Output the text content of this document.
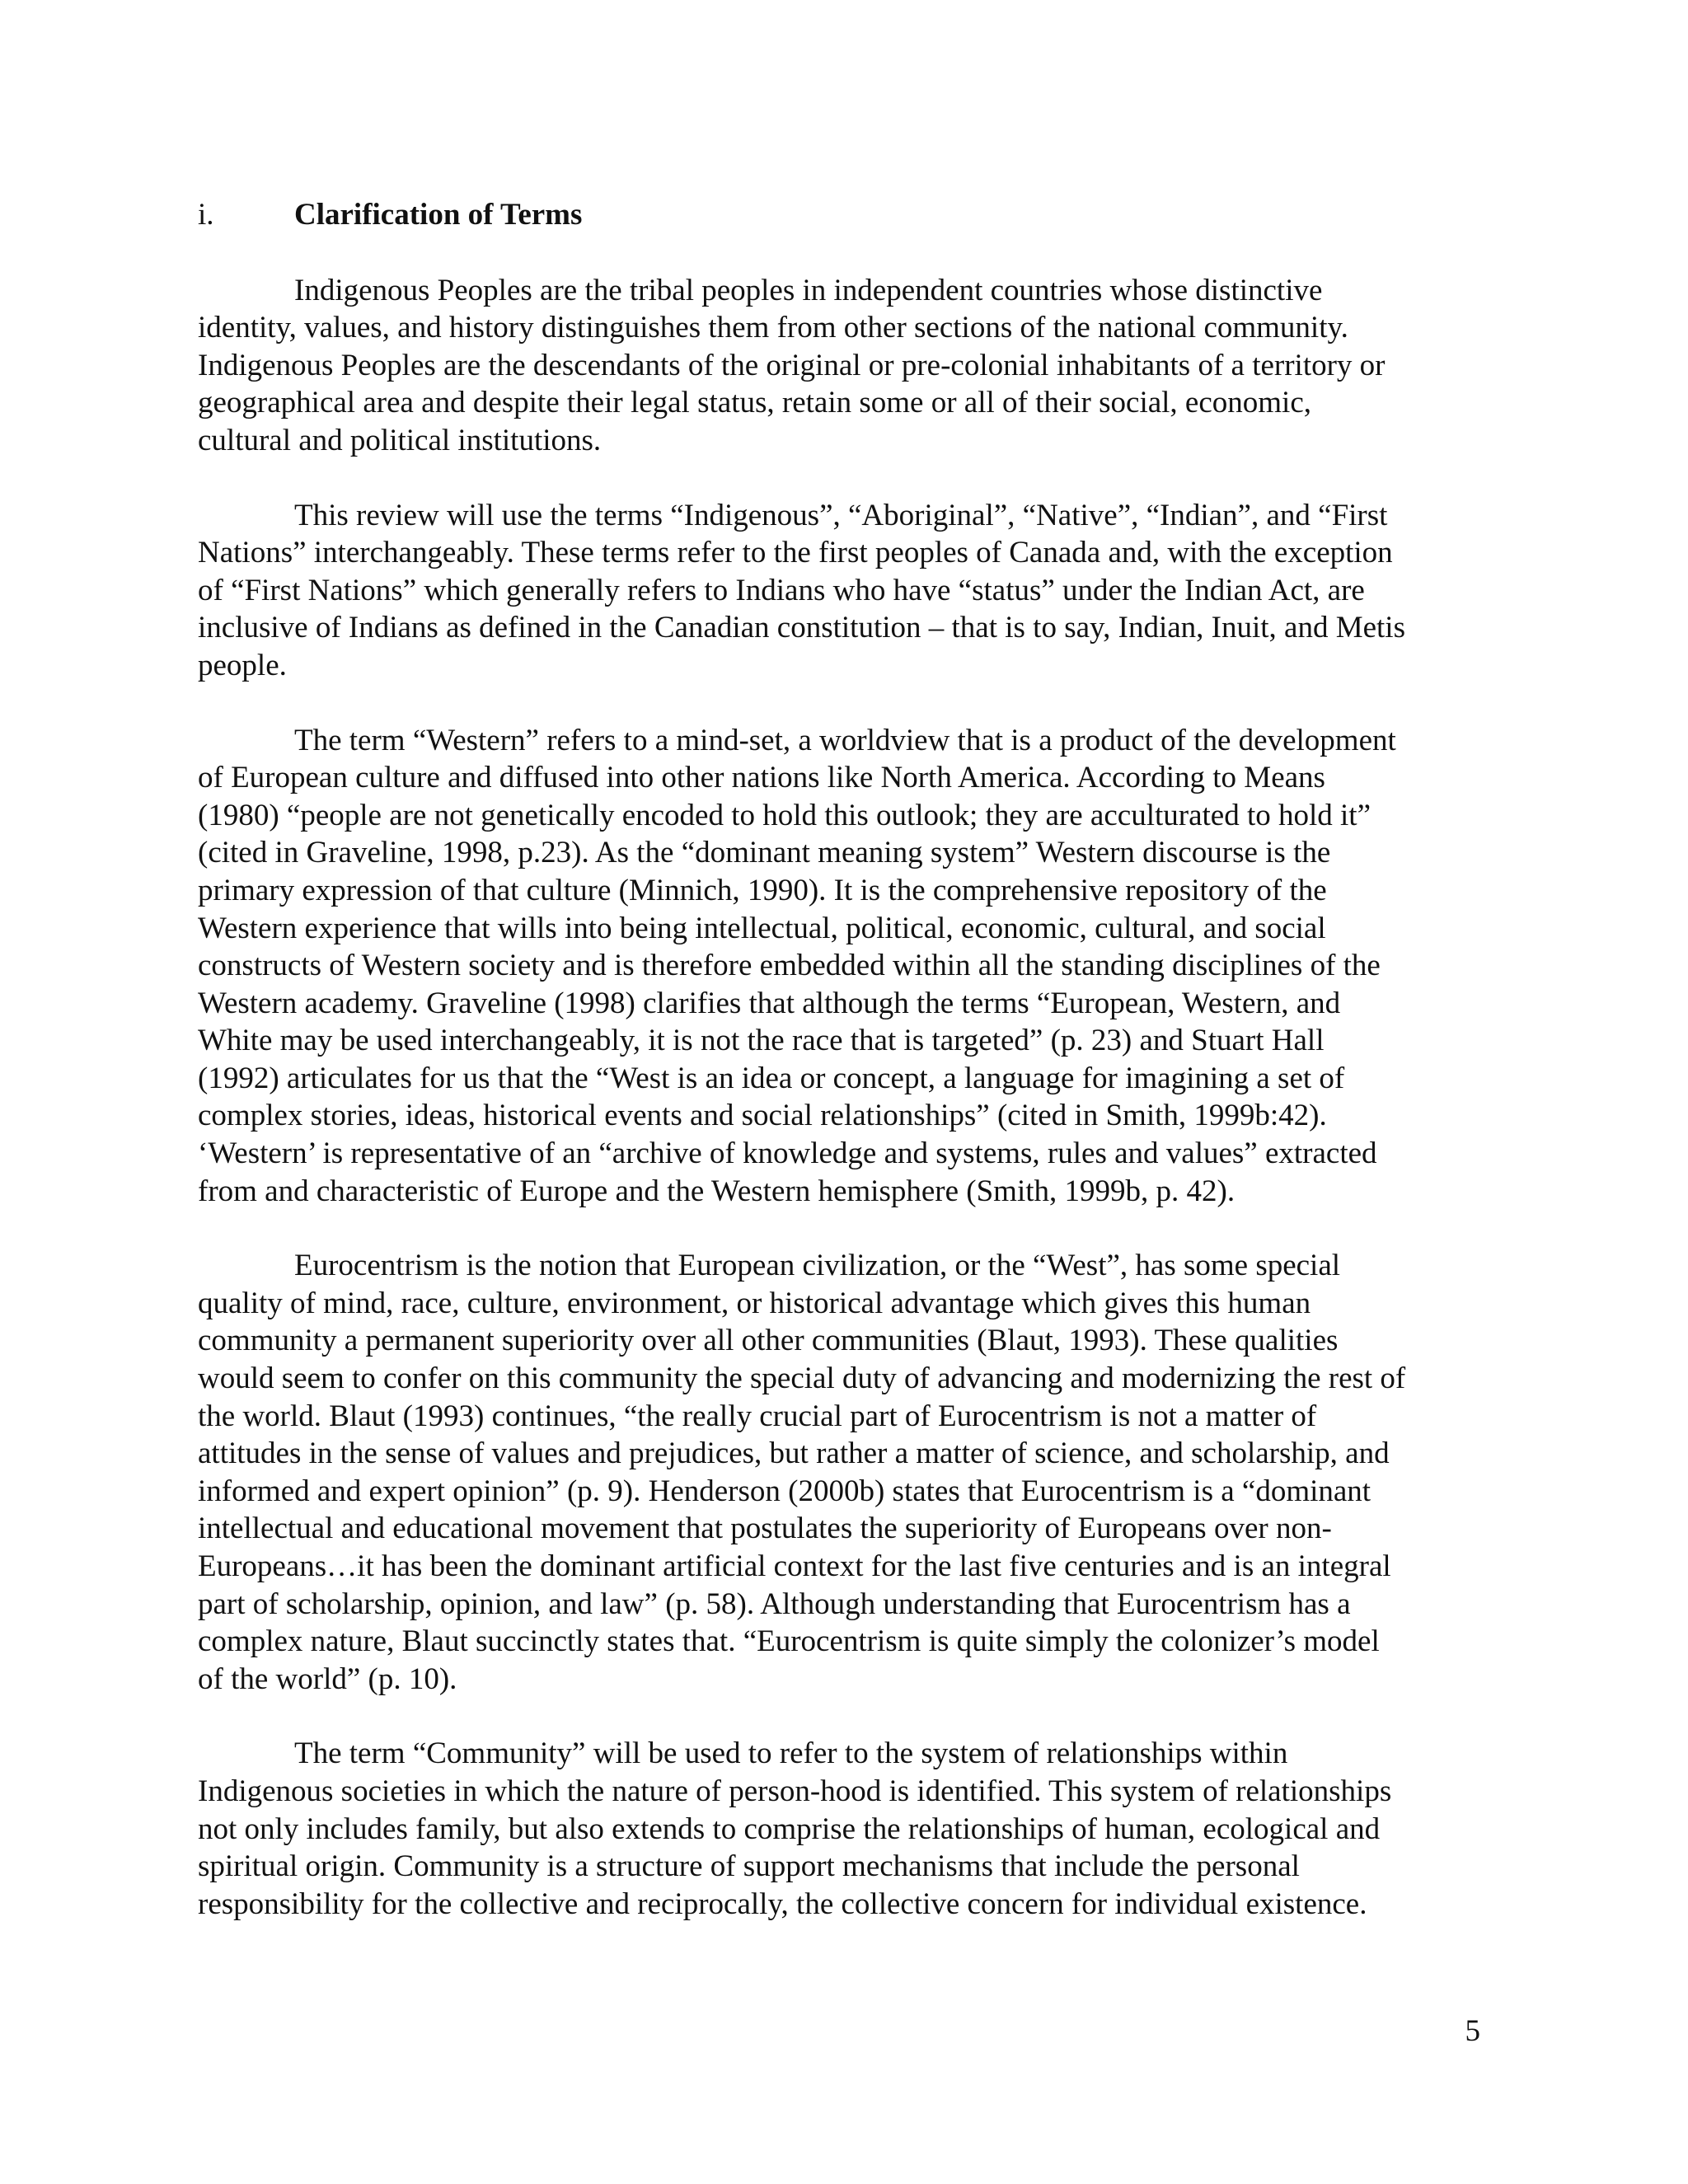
i.	Clarification of Terms
Indigenous Peoples are the tribal peoples in independent countries whose distinctive
identity, values, and history distinguishes them from other sections of the national community.
Indigenous Peoples are the descendants of the original or pre-colonial inhabitants of a territory or
geographical area and despite their legal status, retain some or all of their social, economic,
cultural and political institutions.
This review will use the terms “Indigenous”, “Aboriginal”, “Native”, “Indian”, and “First
Nations” interchangeably. These terms refer to the first peoples of Canada and, with the exception
of “First Nations” which generally refers to Indians who have “status” under the Indian Act, are
inclusive of Indians as defined in the Canadian constitution – that is to say, Indian, Inuit, and Metis
people.
The term “Western” refers to a mind-set, a worldview that is a product of the development
of European culture and diffused into other nations like North America. According to Means
(1980) “people are not genetically encoded to hold this outlook; they are acculturated to hold it”
(cited in Graveline, 1998, p.23). As the “dominant meaning system” Western discourse is the
primary expression of that culture (Minnich, 1990). It is the comprehensive repository of the
Western experience that wills into being intellectual, political, economic, cultural, and social
constructs of Western society and is therefore embedded within all the standing disciplines of the
Western academy. Graveline (1998) clarifies that although the terms “European, Western, and
White may be used interchangeably, it is not the race that is targeted” (p. 23) and Stuart Hall
(1992) articulates for us that the “West is an idea or concept, a language for imagining a set of
complex stories, ideas, historical events and social relationships” (cited in Smith, 1999b:42).
‘Western’ is representative of an “archive of knowledge and systems, rules and values” extracted
from and characteristic of Europe and the Western hemisphere (Smith, 1999b, p. 42).
Eurocentrism is the notion that European civilization, or the “West”, has some special
quality of mind, race, culture, environment, or historical advantage which gives this human
community a permanent superiority over all other communities (Blaut, 1993). These qualities
would seem to confer on this community the special duty of advancing and modernizing the rest of
the world. Blaut (1993) continues, “the really crucial part of Eurocentrism is not a matter of
attitudes in the sense of values and prejudices, but rather a matter of science, and scholarship, and
informed and expert opinion” (p. 9). Henderson (2000b) states that Eurocentrism is a “dominant
intellectual and educational movement that postulates the superiority of Europeans over non-
Europeans…it has been the dominant artificial context for the last five centuries and is an integral
part of scholarship, opinion, and law” (p. 58). Although understanding that Eurocentrism has a
complex nature, Blaut succinctly states that. “Eurocentrism is quite simply the colonizer’s model
of the world” (p. 10).
The term “Community” will be used to refer to the system of relationships within
Indigenous societies in which the nature of person-hood is identified. This system of relationships
not only includes family, but also extends to comprise the relationships of human, ecological and
spiritual origin. Community is a structure of support mechanisms that include the personal
responsibility for the collective and reciprocally, the collective concern for individual existence.
5
